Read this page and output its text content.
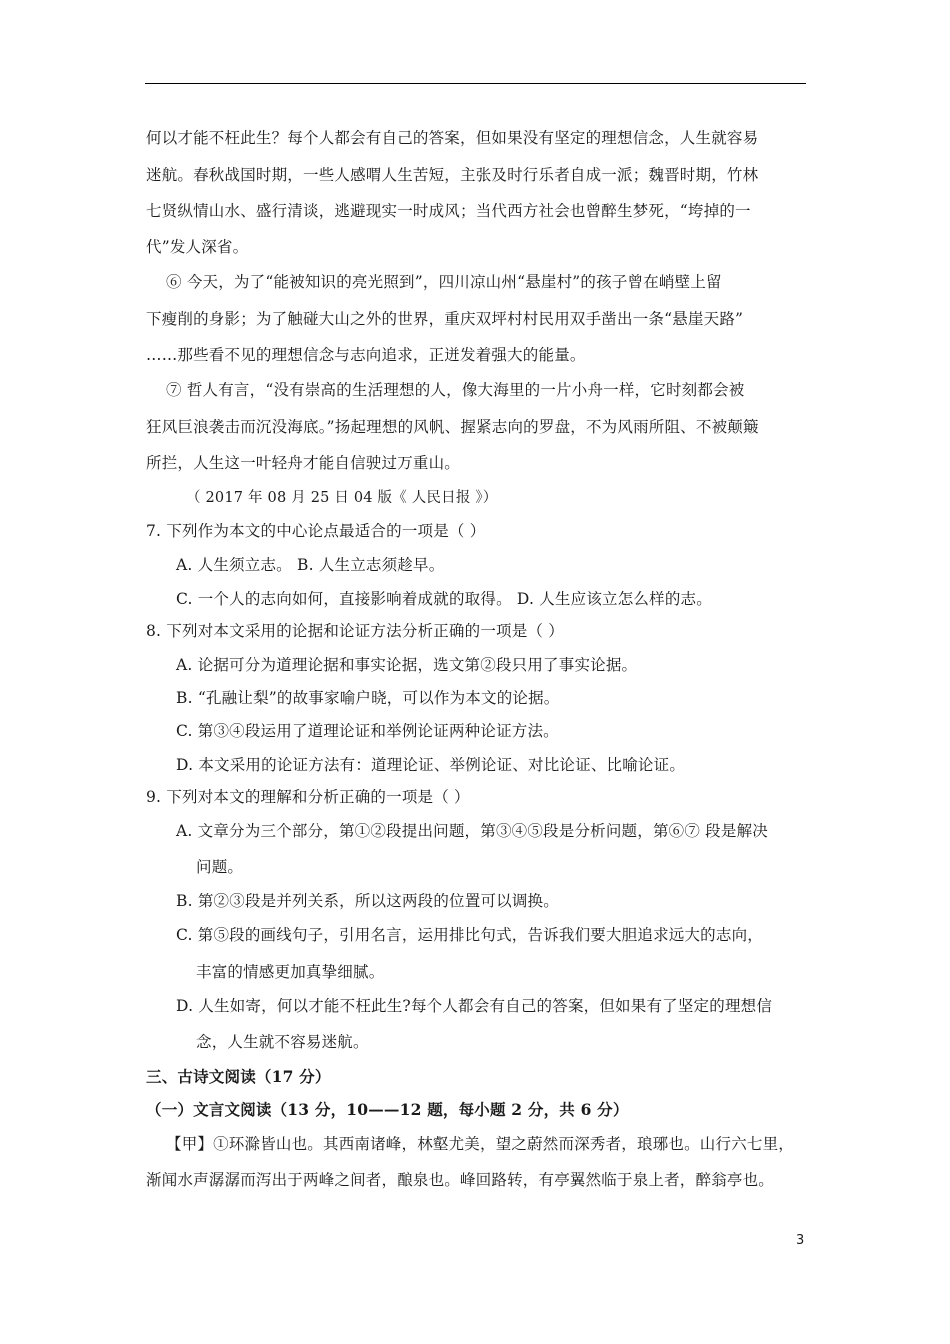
何以才能不枉此生？每个人都会有自己的答案，但如果没有坚定的理想信念，人生就容易
迷航。春秋战国时期，一些人感喟人生苦短，主张及时行乐者自成一派；魏晋时期，竹林
七贤纵情山水、盛行清谈，逃避现实一时成风；当代西方社会也曾醉生梦死，“垮掉的一
代”发人深省。
⑥ 今天，为了“能被知识的亮光照到”，四川凉山州“悬崖村”的孩子曾在峭壁上留
下瘦削的身影；为了触碰大山之外的世界，重庆双坪村村民用双手凿出一条“悬崖天路”
……那些看不见的理想信念与志向追求，正迸发着强大的能量。
⑦ 哲人有言，“没有崇高的生活理想的人，像大海里的一片小舟一样，它时刻都会被
狂风巨浪袭击而沉没海底。”扬起理想的风帆、握紧志向的罗盘，不为风雨所阻、不被颠簸
所拦，人生这一叶轻舟才能自信驶过万重山。
（ 2017 年 08 月 25 日 04 版《 人民日报 》）
7. 下列作为本文的中心论点最适合的一项是（ ）
A. 人生须立志。 B. 人生立志须趁早。
C. 一个人的志向如何，直接影响着成就的取得。 D. 人生应该立怎么样的志。
8. 下列对本文采用的论据和论证方法分析正确的一项是（ ）
A. 论据可分为道理论据和事实论据，选文第②段只用了事实论据。
B. “孔融让梨”的故事家喻户晓，可以作为本文的论据。
C. 第③④段运用了道理论证和举例论证两种论证方法。
D. 本文采用的论证方法有：道理论证、举例论证、对比论证、比喻论证。
9. 下列对本文的理解和分析正确的一项是（ ）
A. 文章分为三个部分，第①②段提出问题，第③④⑤段是分析问题，第⑥⑦ 段是解决
问题。
B. 第②③段是并列关系，所以这两段的位置可以调换。
C. 第⑤段的画线句子，引用名言，运用排比句式，告诉我们要大胆追求远大的志向，
丰富的情感更加真挚细腻。
D. 人生如寄，何以才能不枉此生?每个人都会有自己的答案，但如果有了坚定的理想信
念，人生就不容易迷航。
三、古诗文阅读（17 分）
（一）文言文阅读（13 分，10——12 题，每小题 2 分，共 6 分）
【甲】①环滁皆山也。其西南诸峰，林壑尤美，望之蔚然而深秀者，琅琊也。山行六七里，
渐闻水声潺潺而泻出于两峰之间者，酿泉也。峰回路转，有亭翼然临于泉上者，醉翁亭也。
3
